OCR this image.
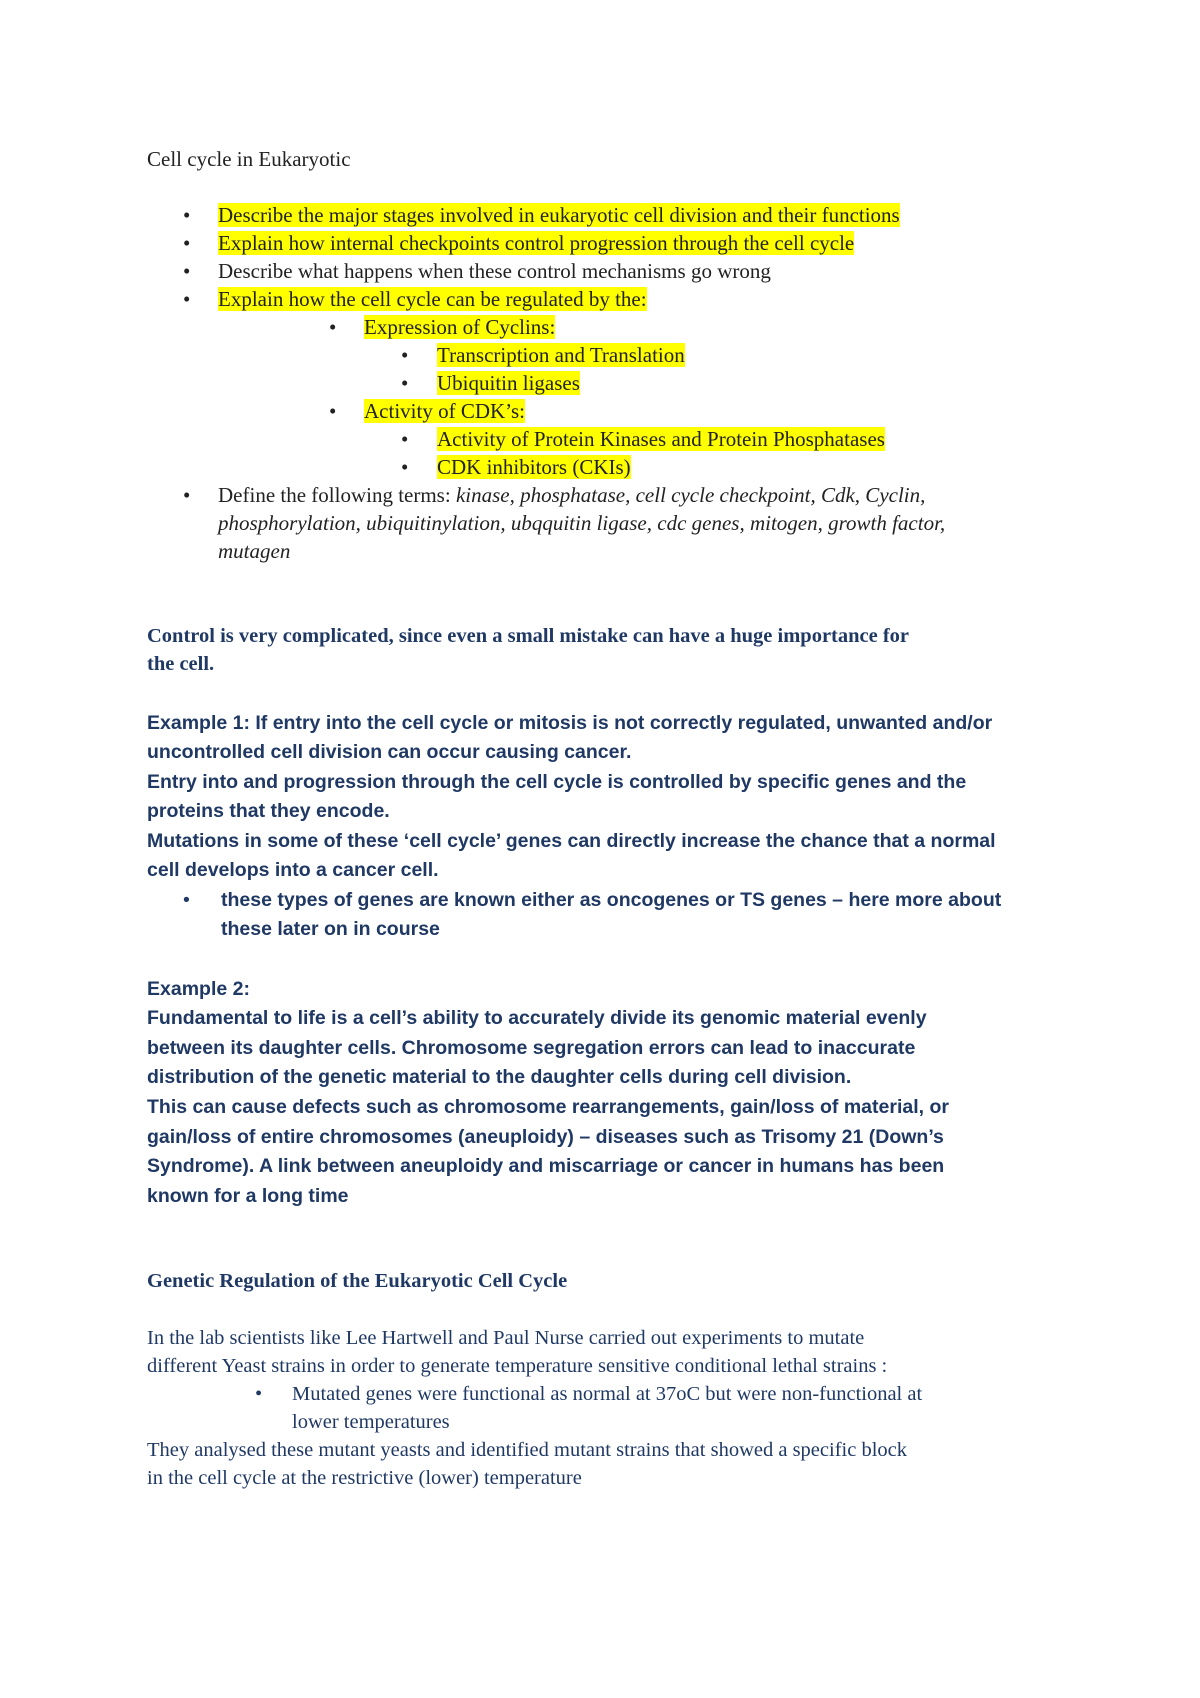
Cell cycle in Eukaryotic
• Describe the major stages involved in eukaryotic cell division and their functions
• Explain how internal checkpoints control progression through the cell cycle
• Describe what happens when these control mechanisms go wrong
• Explain how the cell cycle can be regulated by the:
• Expression of Cyclins:
• Transcription and Translation
• Ubiquitin ligases
• Activity of CDK’s:
• Activity of Protein Kinases and Protein Phosphatases
• CDK inhibitors (CKIs)
• Define the following terms: kinase, phosphatase, cell cycle checkpoint, Cdk, Cyclin,
phosphorylation, ubiquitinylation, ubqquitin ligase, cdc genes, mitogen, growth factor,
mutagen
Control is very complicated, since even a small mistake can have a huge importance for
the cell.
Example 1: If entry into the cell cycle or mitosis is not correctly regulated, unwanted and/or
uncontrolled cell division can occur causing cancer.
Entry into and progression through the cell cycle is controlled by specific genes and the
proteins that they encode.
Mutations in some of these ‘cell cycle’ genes can directly increase the chance that a normal
cell develops into a cancer cell.
• these types of genes are known either as oncogenes or TS genes – here more about
these later on in course
Example 2:
Fundamental to life is a cell’s ability to accurately divide its genomic material evenly
between its daughter cells. Chromosome segregation errors can lead to inaccurate
distribution of the genetic material to the daughter cells during cell division.
This can cause defects such as chromosome rearrangements, gain/loss of material, or
gain/loss of entire chromosomes (aneuploidy) – diseases such as Trisomy 21 (Down’s
Syndrome). A link between aneuploidy and miscarriage or cancer in humans has been
known for a long time
Genetic Regulation of the Eukaryotic Cell Cycle
In the lab scientists like Lee Hartwell and Paul Nurse carried out experiments to mutate
different Yeast strains in order to generate temperature sensitive conditional lethal strains :
• Mutated genes were functional as normal at 37oC but were non-functional at
lower temperatures
They analysed these mutant yeasts and identified mutant strains that showed a specific block
in the cell cycle at the restrictive (lower) temperature
